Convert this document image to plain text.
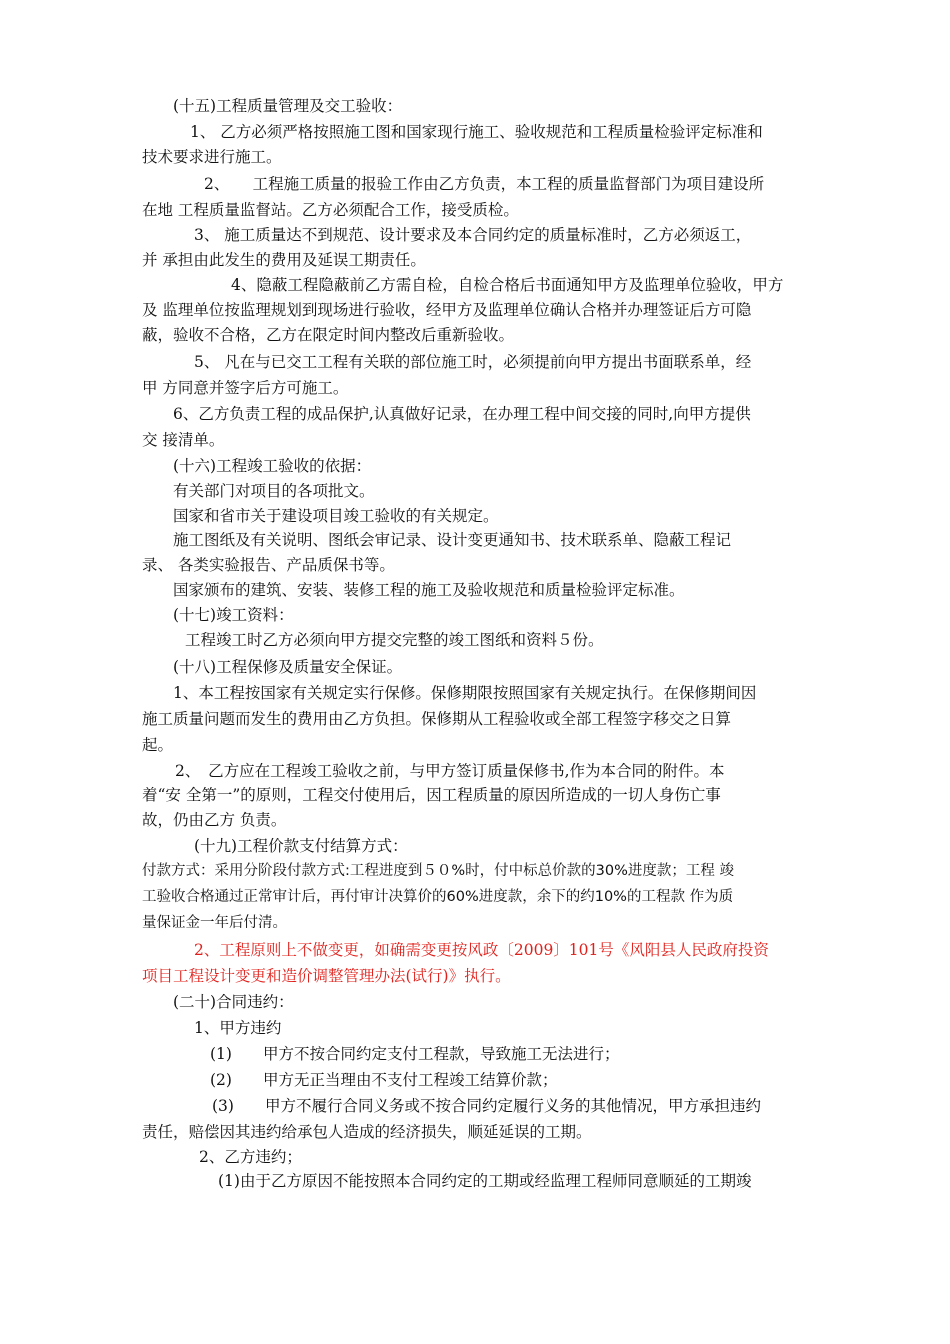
(十五)工程质量管理及交工验收：

1、 乙方必须严格按照施工图和国家现行施工、验收规范和工程质量检验评定标准和

技术要求进行施工。

2、　　工程施工质量的报验工作由乙方负责，本工程的质量监督部门为项目建设所

在地 工程质量监督站。乙方必须配合工作，接受质检。

3、 施工质量达不到规范、设计要求及本合同约定的质量标准时，乙方必须返工，

并 承担由此发生的费用及延误工期责任。

4、隐蔽工程隐蔽前乙方需自检，自检合格后书面通知甲方及监理单位验收，甲方

及 监理单位按监理规划到现场进行验收，经甲方及监理单位确认合格并办理签证后方可隐

蔽，验收不合格，乙方在限定时间内整改后重新验收。

5、 凡在与已交工工程有关联的部位施工时，必须提前向甲方提出书面联系单，经

甲 方同意并签字后方可施工。

6、乙方负责工程的成品保护,认真做好记录，在办理工程中间交接的同时,向甲方提供

交 接清单。

(十六)工程竣工验收的依据：

有关部门对项目的各项批文。

国家和省市关于建设项目竣工验收的有关规定。

施工图纸及有关说明、图纸会审记录、设计变更通知书、技术联系单、隐蔽工程记

录、 各类实验报告、产品质保书等。

国家颁布的建筑、安装、装修工程的施工及验收规范和质量检验评定标准。

(十七)竣工资料：

工程竣工时乙方必须向甲方提交完整的竣工图纸和资料５份。

(十八)工程保修及质量安全保证。

1、本工程按国家有关规定实行保修。保修期限按照国家有关规定执行。在保修期间因

施工质量问题而发生的费用由乙方负担。保修期从工程验收或全部工程签字移交之日算

起。

2、　乙方应在工程竣工验收之前，与甲方签订质量保修书,作为本合同的附件。本

着“安 全第一”的原则，工程交付使用后，因工程质量的原因所造成的一切人身伤亡事

故，仍由乙方 负责。

(十九)工程价款支付结算方式：

付款方式：采用分阶段付款方式:工程进度到５０%时，付中标总价款的30%进度款；工程 竣

工验收合格通过正常审计后，再付审计决算价的60%进度款，余下的约10%的工程款 作为质

量保证金一年后付清。

2、工程原则上不做变更，如确需变更按风政〔2009〕101号《风阳县人民政府投资

项目工程设计变更和造价调整管理办法(试行)》执行。

(二十)合同违约：

1、甲方违约

(1)　　甲方不按合同约定支付工程款，导致施工无法进行；

(2)　　甲方无正当理由不支付工程竣工结算价款；

(3)　　甲方不履行合同义务或不按合同约定履行义务的其他情况，甲方承担违约

责任，赔偿因其违约给承包人造成的经济损失，顺延延误的工期。

2、乙方违约；

(1)由于乙方原因不能按照本合同约定的工期或经监理工程师同意顺延的工期竣
